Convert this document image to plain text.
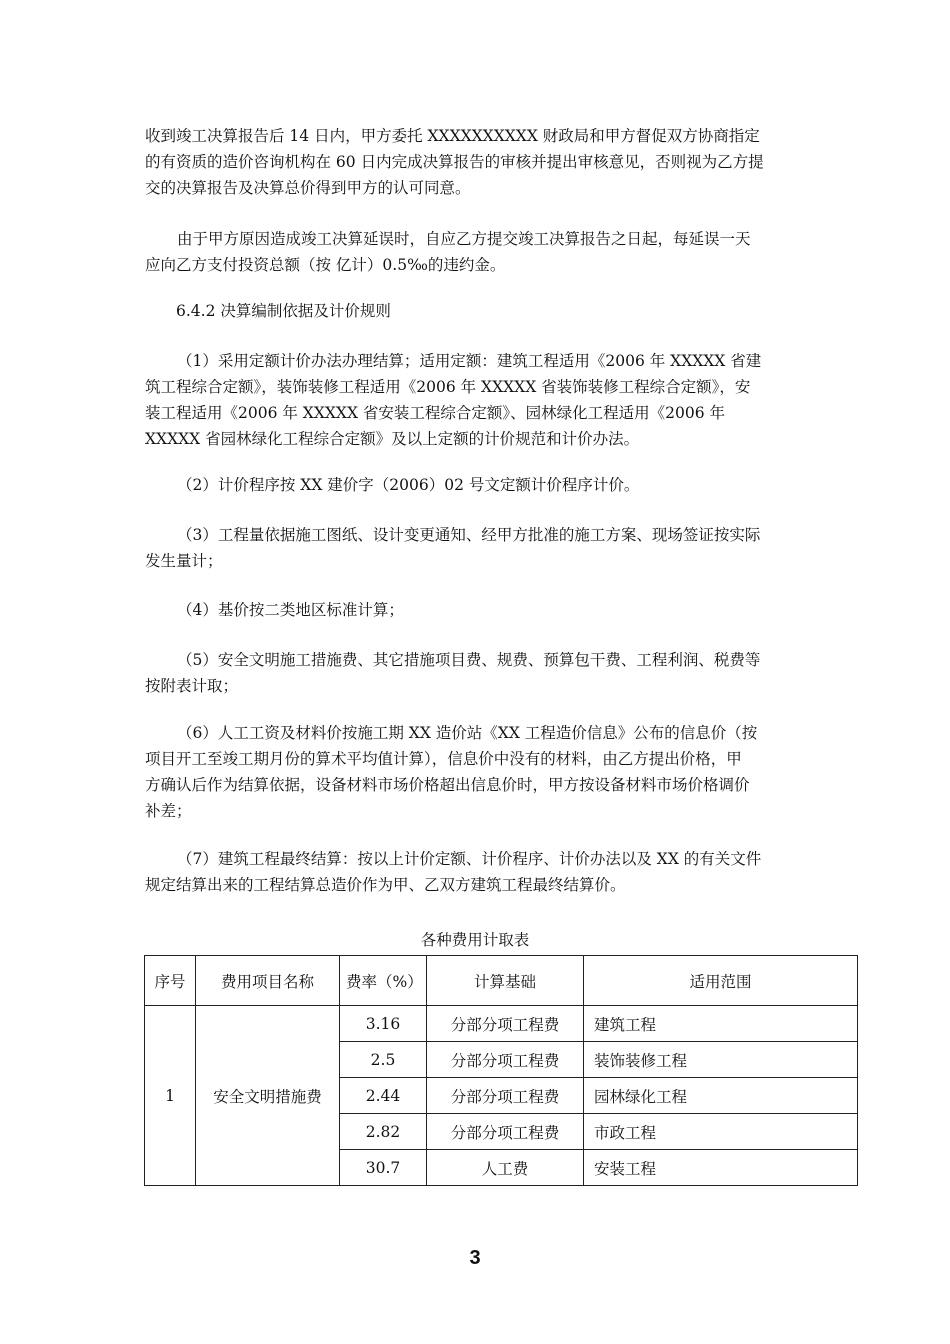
收到竣工决算报告后 14 日内，甲方委托 XXXXXXXXXX 财政局和甲方督促双方协商指定
的有资质的造价咨询机构在 60 日内完成决算报告的审核并提出审核意见，否则视为乙方提
交的决算报告及决算总价得到甲方的认可同意。
由于甲方原因造成竣工决算延误时，自应乙方提交竣工决算报告之日起，每延误一天
应向乙方支付投资总额（按 亿计）0.5‰的违约金。
6.4.2 决算编制依据及计价规则
（1）采用定额计价办法办理结算；适用定额：建筑工程适用《2006 年 XXXXX 省建
筑工程综合定额》，装饰装修工程适用《2006 年 XXXXX 省装饰装修工程综合定额》，安
装工程适用《2006 年 XXXXX 省安装工程综合定额》、园林绿化工程适用《2006 年
XXXXX 省园林绿化工程综合定额》及以上定额的计价规范和计价办法。
（2）计价程序按 XX 建价字（2006）02 号文定额计价程序计价。
（3）工程量依据施工图纸、设计变更通知、经甲方批准的施工方案、现场签证按实际
发生量计；
（4）基价按二类地区标准计算；
（5）安全文明施工措施费、其它措施项目费、规费、预算包干费、工程利润、税费等
按附表计取；
（6）人工工资及材料价按施工期 XX 造价站《XX 工程造价信息》公布的信息价（按
项目开工至竣工期月份的算术平均值计算），信息价中没有的材料，由乙方提出价格，甲
方确认后作为结算依据，设备材料市场价格超出信息价时，甲方按设备材料市场价格调价
补差；
（7）建筑工程最终结算：按以上计价定额、计价程序、计价办法以及 XX 的有关文件
规定结算出来的工程结算总造价作为甲、乙双方建筑工程最终结算价。

各种费用计取表

序号	费用项目名称	费率（%）	计算基础	适用范围
1	安全文明措施费	3.16	分部分项工程费	建筑工程
		2.5	分部分项工程费	装饰装修工程
		2.44	分部分项工程费	园林绿化工程
		2.82	分部分项工程费	市政工程
		30.7	人工费	安装工程
3
